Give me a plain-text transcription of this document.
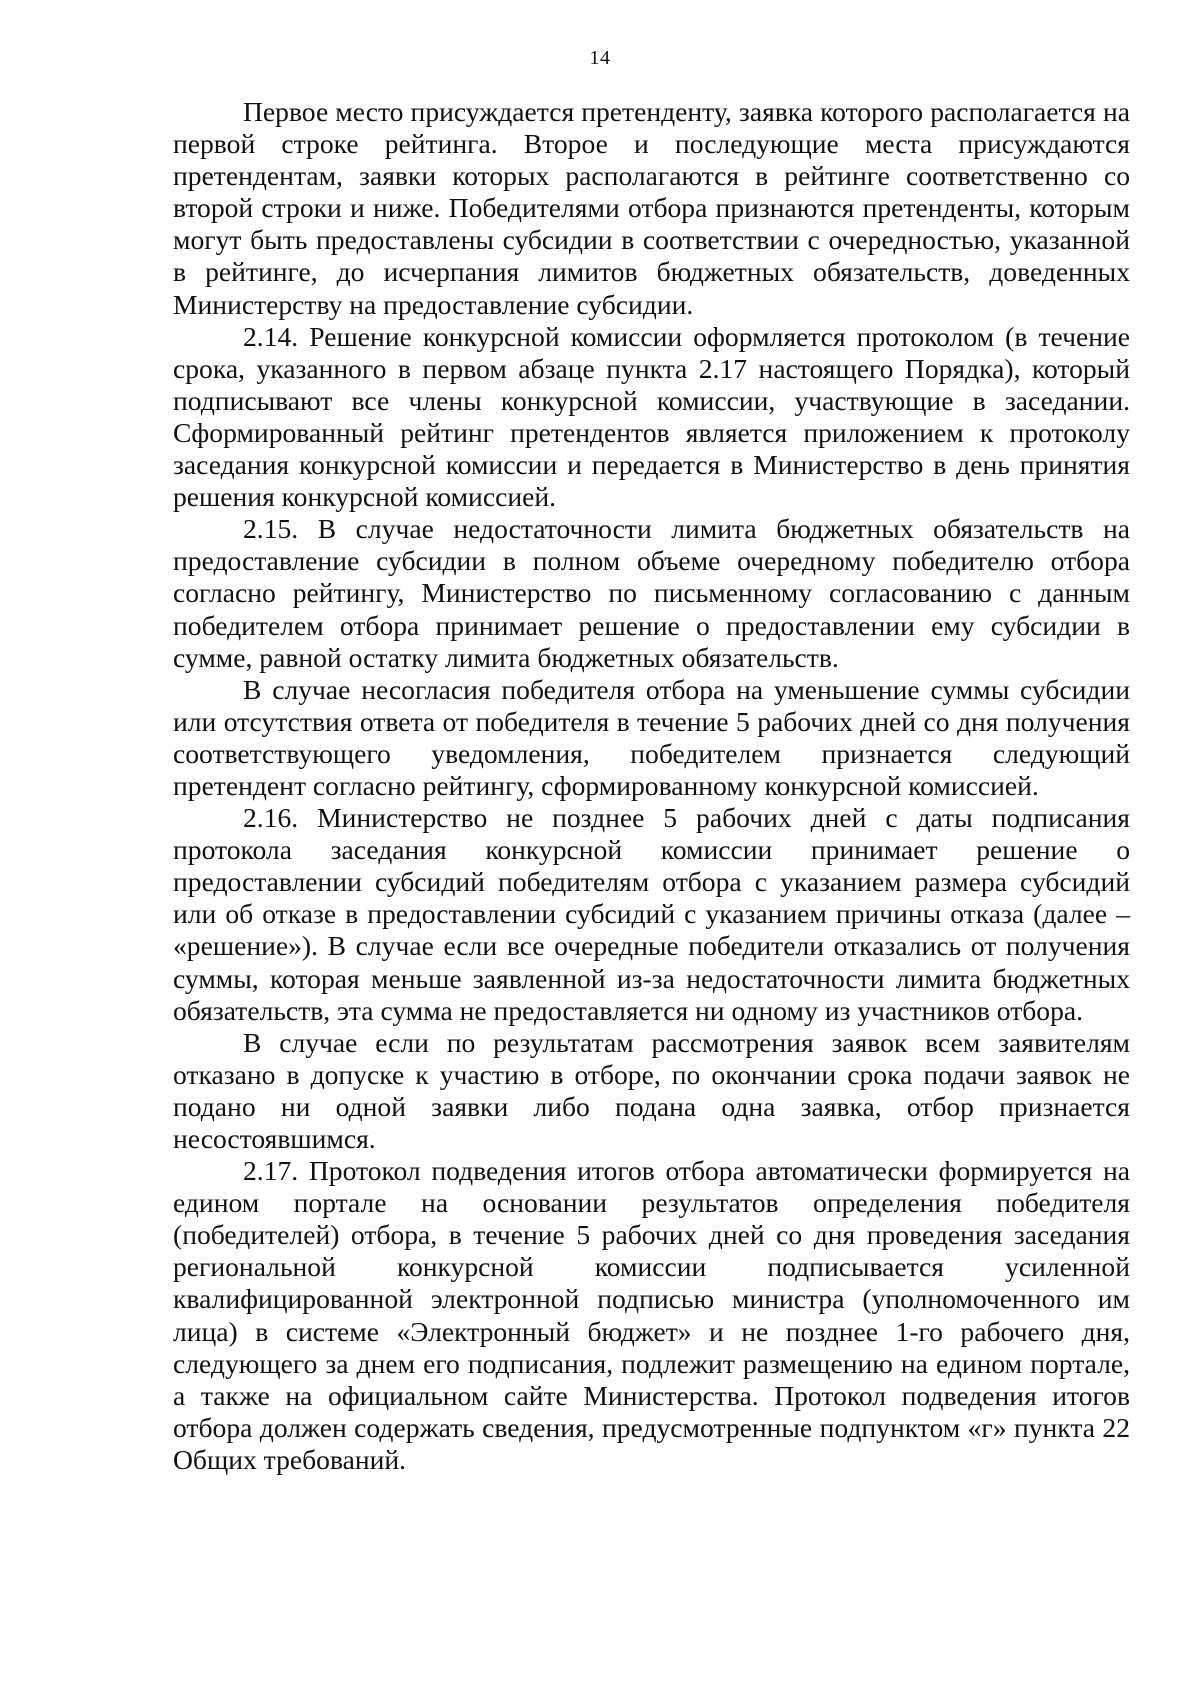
14

Первое место присуждается претенденту, заявка которого располагается на первой строке рейтинга. Второе и последующие места присуждаются претендентам, заявки которых располагаются в рейтинге соответственно со второй строки и ниже. Победителями отбора признаются претенденты, которым могут быть предоставлены субсидии в соответствии с очередностью, указанной в рейтинге, до исчерпания лимитов бюджетных обязательств, доведенных Министерству на предоставление субсидии.

2.14. Решение конкурсной комиссии оформляется протоколом (в течение срока, указанного в первом абзаце пункта 2.17 настоящего Порядка), который подписывают все члены конкурсной комиссии, участвующие в заседании. Сформированный рейтинг претендентов является приложением к протоколу заседания конкурсной комиссии и передается в Министерство в день принятия решения конкурсной комиссией.

2.15. В случае недостаточности лимита бюджетных обязательств на предоставление субсидии в полном объеме очередному победителю отбора согласно рейтингу, Министерство по письменному согласованию с данным победителем отбора принимает решение о предоставлении ему субсидии в сумме, равной остатку лимита бюджетных обязательств.

В случае несогласия победителя отбора на уменьшение суммы субсидии или отсутствия ответа от победителя в течение 5 рабочих дней со дня получения соответствующего уведомления, победителем признается следующий претендент согласно рейтингу, сформированному конкурсной комиссией.

2.16. Министерство не позднее 5 рабочих дней с даты подписания протокола заседания конкурсной комиссии принимает решение о предоставлении субсидий победителям отбора с указанием размера субсидий или об отказе в предоставлении субсидий с указанием причины отказа (далее – «решение»). В случае если все очередные победители отказались от получения суммы, которая меньше заявленной из-за недостаточности лимита бюджетных обязательств, эта сумма не предоставляется ни одному из участников отбора.

В случае если по результатам рассмотрения заявок всем заявителям отказано в допуске к участию в отборе, по окончании срока подачи заявок не подано ни одной заявки либо подана одна заявка, отбор признается несостоявшимся.

2.17. Протокол подведения итогов отбора автоматически формируется на едином портале на основании результатов определения победителя (победителей) отбора, в течение 5 рабочих дней со дня проведения заседания региональной конкурсной комиссии подписывается усиленной квалифицированной электронной подписью министра (уполномоченного им лица) в системе «Электронный бюджет» и не позднее 1-го рабочего дня, следующего за днем его подписания, подлежит размещению на едином портале, а также на официальном сайте Министерства. Протокол подведения итогов отбора должен содержать сведения, предусмотренные подпунктом «г» пункта 22 Общих требований.
